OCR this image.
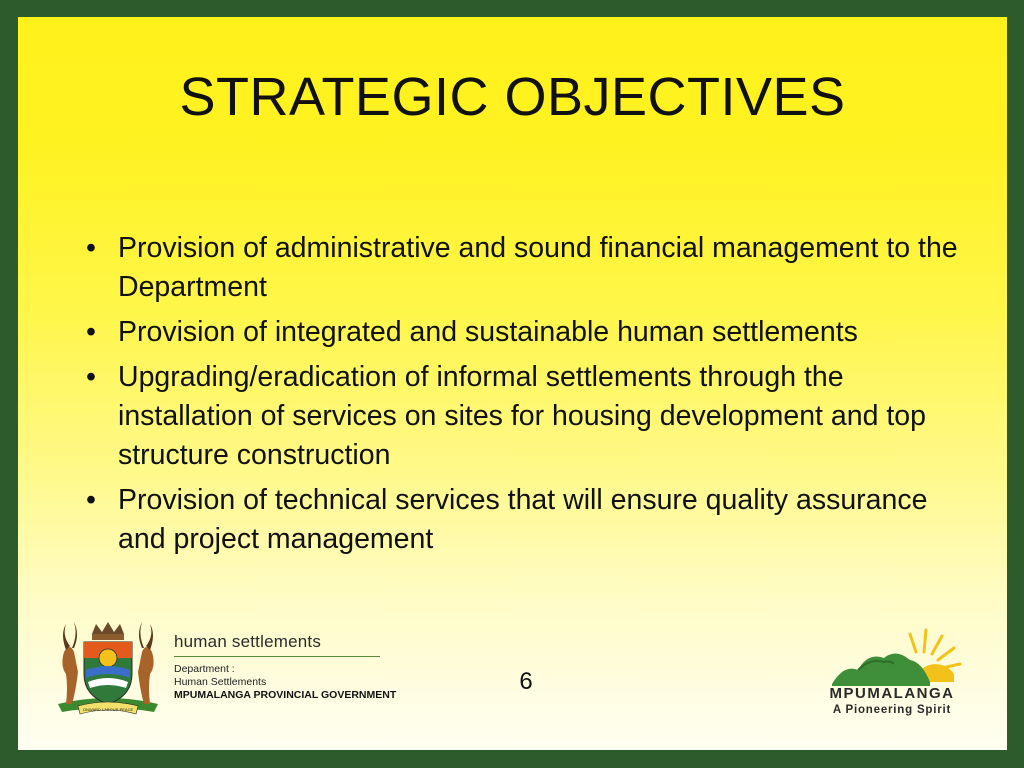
STRATEGIC OBJECTIVES
• Provision of administrative and sound financial management to the Department
• Provision of integrated and sustainable human settlements
• Upgrading/eradication of informal settlements through the installation of services on sites for housing development and top structure construction
• Provision of technical services that will ensure quality assurance and project management
6
ONWARD LABOUR PEACE
human settlements
Department :
Human Settlements
MPUMALANGA PROVINCIAL GOVERNMENT	MPUMALANGA
A Pioneering Spirit
